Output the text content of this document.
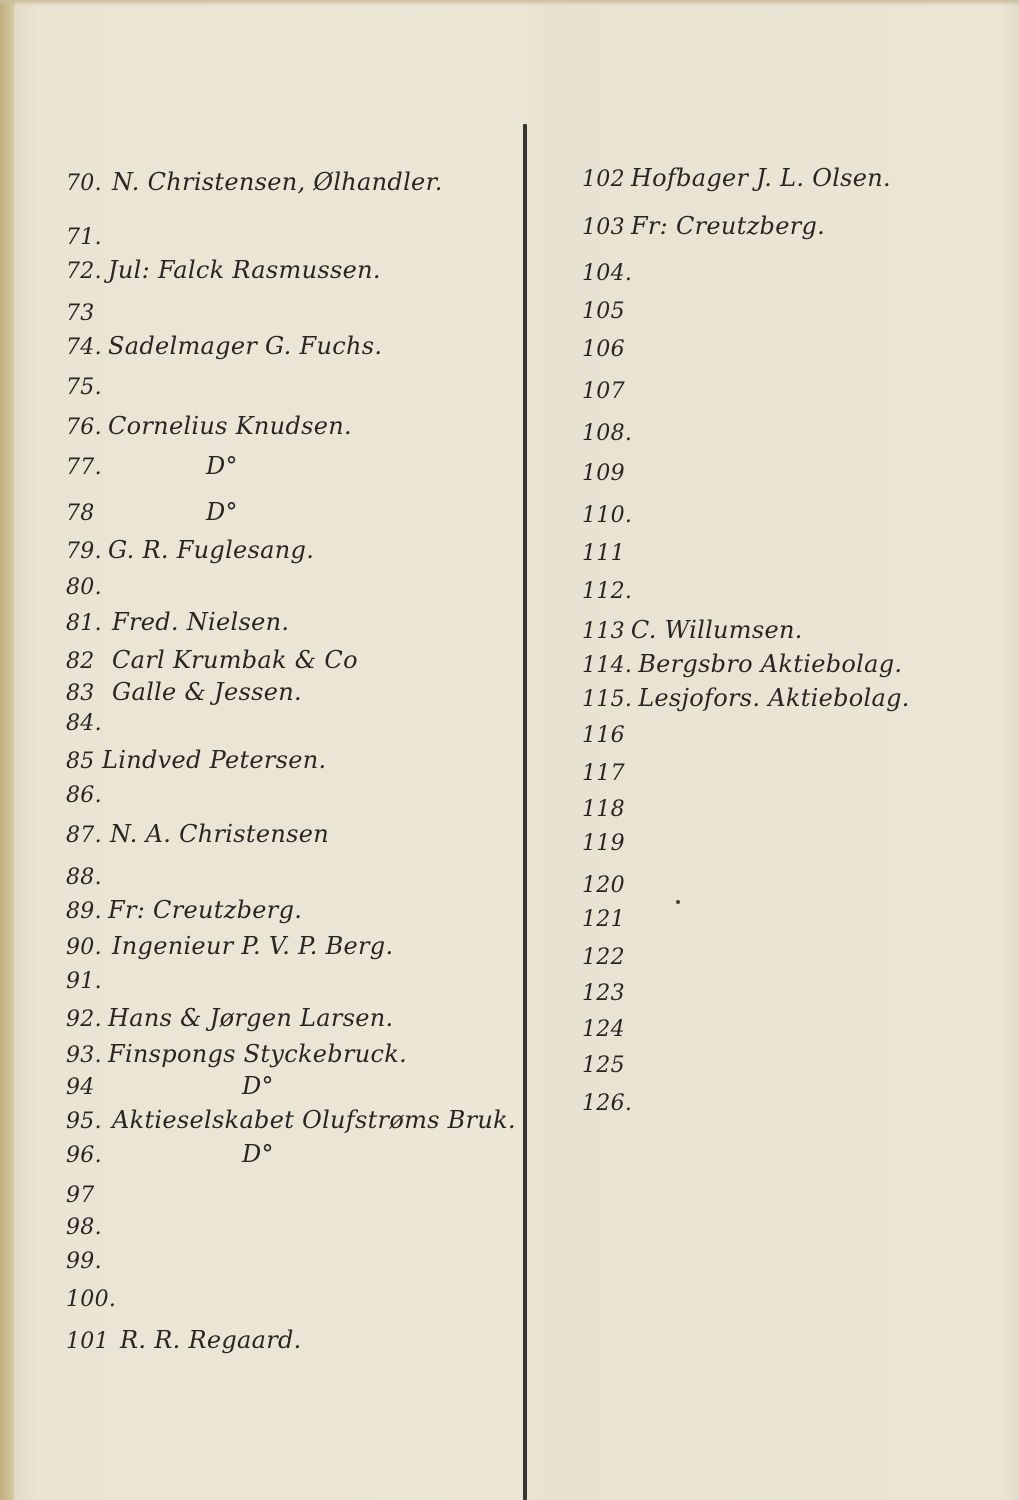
70. N. Christensen, Ølhandler.
71.
72. Jul: Falck Rasmussen.
73
74. Sadelmager G. Fuchs.
75.
76. Cornelius Knudsen.
77.	D°
78	D°
79. G. R. Fuglesang.
80.
81. Fred. Nielsen.
82 Carl Krumbak & Co
83 Galle & Jessen.
84.
85 Lindved Petersen.
86.
87. N. A. Christensen
88.
89. Fr: Creutzberg.
90. Ingenieur P. V. P. Berg.
91.
92. Hans & Jørgen Larsen.
93. Finspongs Styckebruck.
94	D°
95. Aktieselskabet Olufstrøms Bruk.
96.	D°
97
98.
99.
100.
101 R. R. Regaard.
102 Hofbager J. L. Olsen.
103 Fr: Creutzberg.
104.
105
106
107
108.
109
110.
111
112.
113 C. Willumsen.
114. Bergsbro Aktiebolag.
115. Lesjofors. Aktiebolag.
116
117
118
119
120
121
122
123
124
125
126.
